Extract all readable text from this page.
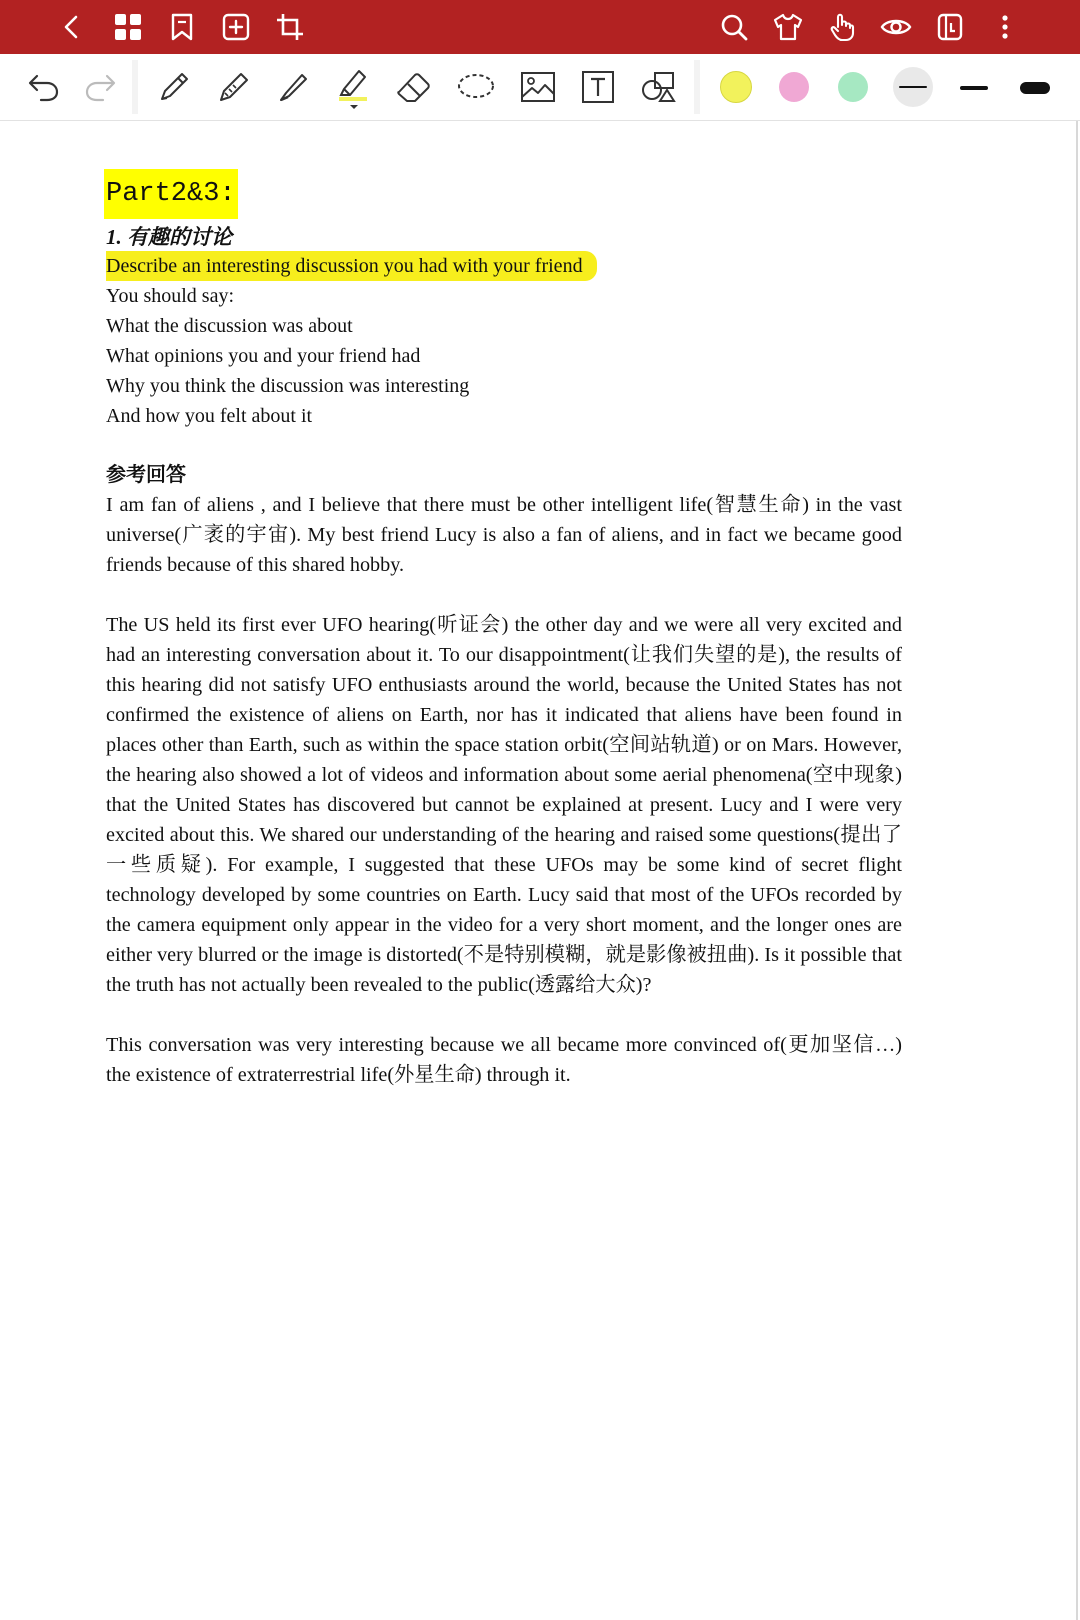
Part2&3:
1. 有趣的讨论
Describe an interesting discussion you had with your friend
You should say:
What the discussion was about
What opinions you and your friend had
Why you think the discussion was interesting
And how you felt about it
参考回答

I am fan of aliens , and I believe that there must be other intelligent life(智慧生命) in the vast universe(广袤的宇宙). My best friend Lucy is also a fan of aliens, and in fact we became good friends because of this shared hobby.

The US held its first ever UFO hearing(听证会) the other day and we were all very excited and had an interesting conversation about it. To our disappointment(让我们失望的是), the results of this hearing did not satisfy UFO enthusiasts around the world, because the United States has not confirmed the existence of aliens on Earth, nor has it indicated that aliens have been found in places other than Earth, such as within the space station orbit(空间站轨道) or on Mars. However, the hearing also showed a lot of videos and information about some aerial phenomena(空中现象) that the United States has discovered but cannot be explained at present. Lucy and I were very excited about this. We shared our understanding of the hearing and raised some questions(提出了一些质疑). For example, I suggested that these UFOs may be some kind of secret flight technology developed by some countries on Earth. Lucy said that most of the UFOs recorded by the camera equipment only appear in the video for a very short moment, and the longer ones are either very blurred or the image is distorted(不是特别模糊，就是影像被扭曲). Is it possible that the truth has not actually been revealed to the public(透露给大众)?

This conversation was very interesting because we all became more convinced of(更加坚信…) the existence of extraterrestrial life(外星生命) through it.
